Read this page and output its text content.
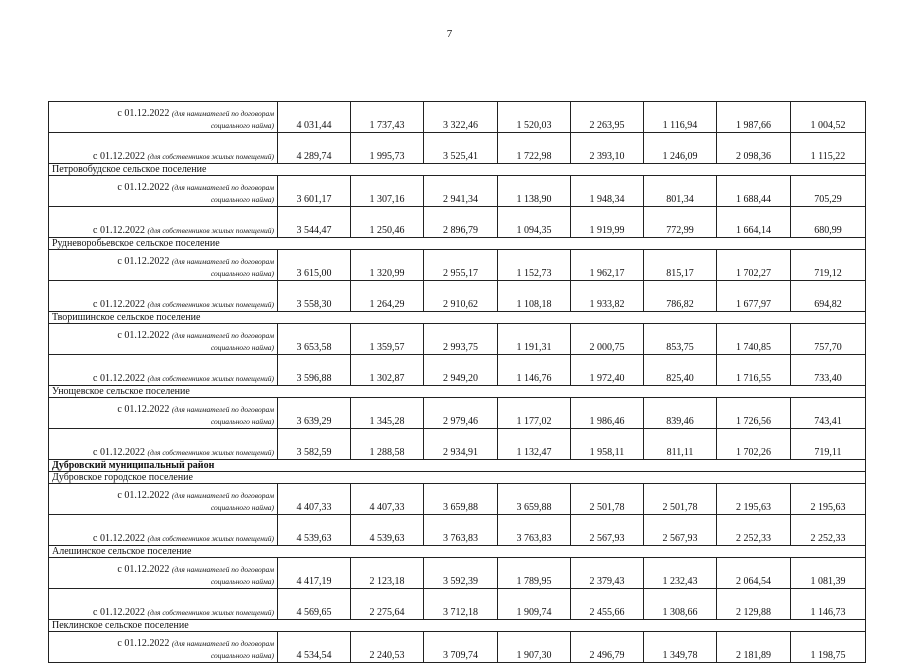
7
с 01.12.2022 (для нанимателей по договорам
социального найма)	4 031,44	1 737,43	3 322,46	1 520,03	2 263,95	1 116,94	1 987,66	1 004,52

с 01.12.2022 (для собственников жилых помещений)	4 289,74	1 995,73	3 525,41	1 722,98	2 393,10	1 246,09	2 098,36	1 115,22
Петровобудское сельское поселение								

с 01.12.2022 (для нанимателей по договорам
социального найма)	3 601,17	1 307,16	2 941,34	1 138,90	1 948,34	801,34	1 688,44	705,29

с 01.12.2022 (для собственников жилых помещений)	3 544,47	1 250,46	2 896,79	1 094,35	1 919,99	772,99	1 664,14	680,99
Рудневоробьевское сельское поселение								

с 01.12.2022 (для нанимателей по договорам
социального найма)	3 615,00	1 320,99	2 955,17	1 152,73	1 962,17	815,17	1 702,27	719,12

с 01.12.2022 (для собственников жилых помещений)	3 558,30	1 264,29	2 910,62	1 108,18	1 933,82	786,82	1 677,97	694,82
Творишинское сельское поселение								

с 01.12.2022 (для нанимателей по договорам
социального найма)	3 653,58	1 359,57	2 993,75	1 191,31	2 000,75	853,75	1 740,85	757,70

с 01.12.2022 (для собственников жилых помещений)	3 596,88	1 302,87	2 949,20	1 146,76	1 972,40	825,40	1 716,55	733,40
Унощевское сельское поселение								

с 01.12.2022 (для нанимателей по договорам
социального найма)	3 639,29	1 345,28	2 979,46	1 177,02	1 986,46	839,46	1 726,56	743,41

с 01.12.2022 (для собственников жилых помещений)	3 582,59	1 288,58	2 934,91	1 132,47	1 958,11	811,11	1 702,26	719,11
Дубровский муниципальный район								
Дубровское городское поселение								

с 01.12.2022 (для нанимателей по договорам
социального найма)	4 407,33	4 407,33	3 659,88	3 659,88	2 501,78	2 501,78	2 195,63	2 195,63

с 01.12.2022 (для собственников жилых помещений)	4 539,63	4 539,63	3 763,83	3 763,83	2 567,93	2 567,93	2 252,33	2 252,33
Алешинское сельское поселение								

с 01.12.2022 (для нанимателей по договорам
социального найма)	4 417,19	2 123,18	3 592,39	1 789,95	2 379,43	1 232,43	2 064,54	1 081,39

с 01.12.2022 (для собственников жилых помещений)	4 569,65	2 275,64	3 712,18	1 909,74	2 455,66	1 308,66	2 129,88	1 146,73
Пеклинское сельское поселение								

с 01.12.2022 (для нанимателей по договорам
социального найма)	4 534,54	2 240,53	3 709,74	1 907,30	2 496,79	1 349,78	2 181,89	1 198,75
